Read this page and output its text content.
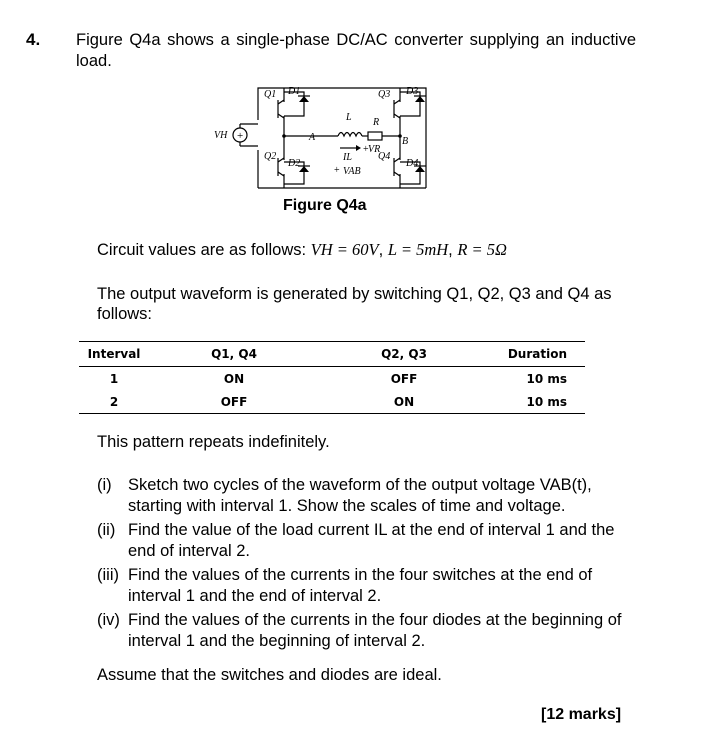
4. Figure Q4a shows a single-phase DC/AC converter supplying an inductive load.
+
VH
Q1 D1
Q2
D2
Q3 D3
Q4
D4
L R
IL
VR
VAB
A	B
+
+
Figure Q4a
Circuit values are as follows: VH = 60V, L = 5mH, R = 5Ω
The output waveform is generated by switching Q1, Q2, Q3 and Q4 as follows:
Interval	Q1, Q4	Q2, Q3	Duration
1	ON	OFF	10 ms
2	OFF	ON	10 ms
This pattern repeats indefinitely.
(i) Sketch two cycles of the waveform of the output voltage VAB(t), starting with interval 1. Show the scales of time and voltage.
(ii) Find the value of the load current IL at the end of interval 1 and the end of interval 2.
(iii) Find the values of the currents in the four switches at the end of interval 1 and the end of interval 2.
(iv) Find the values of the currents in the four diodes at the beginning of interval 1 and the beginning of interval 2.
Assume that the switches and diodes are ideal.
[12 marks]
